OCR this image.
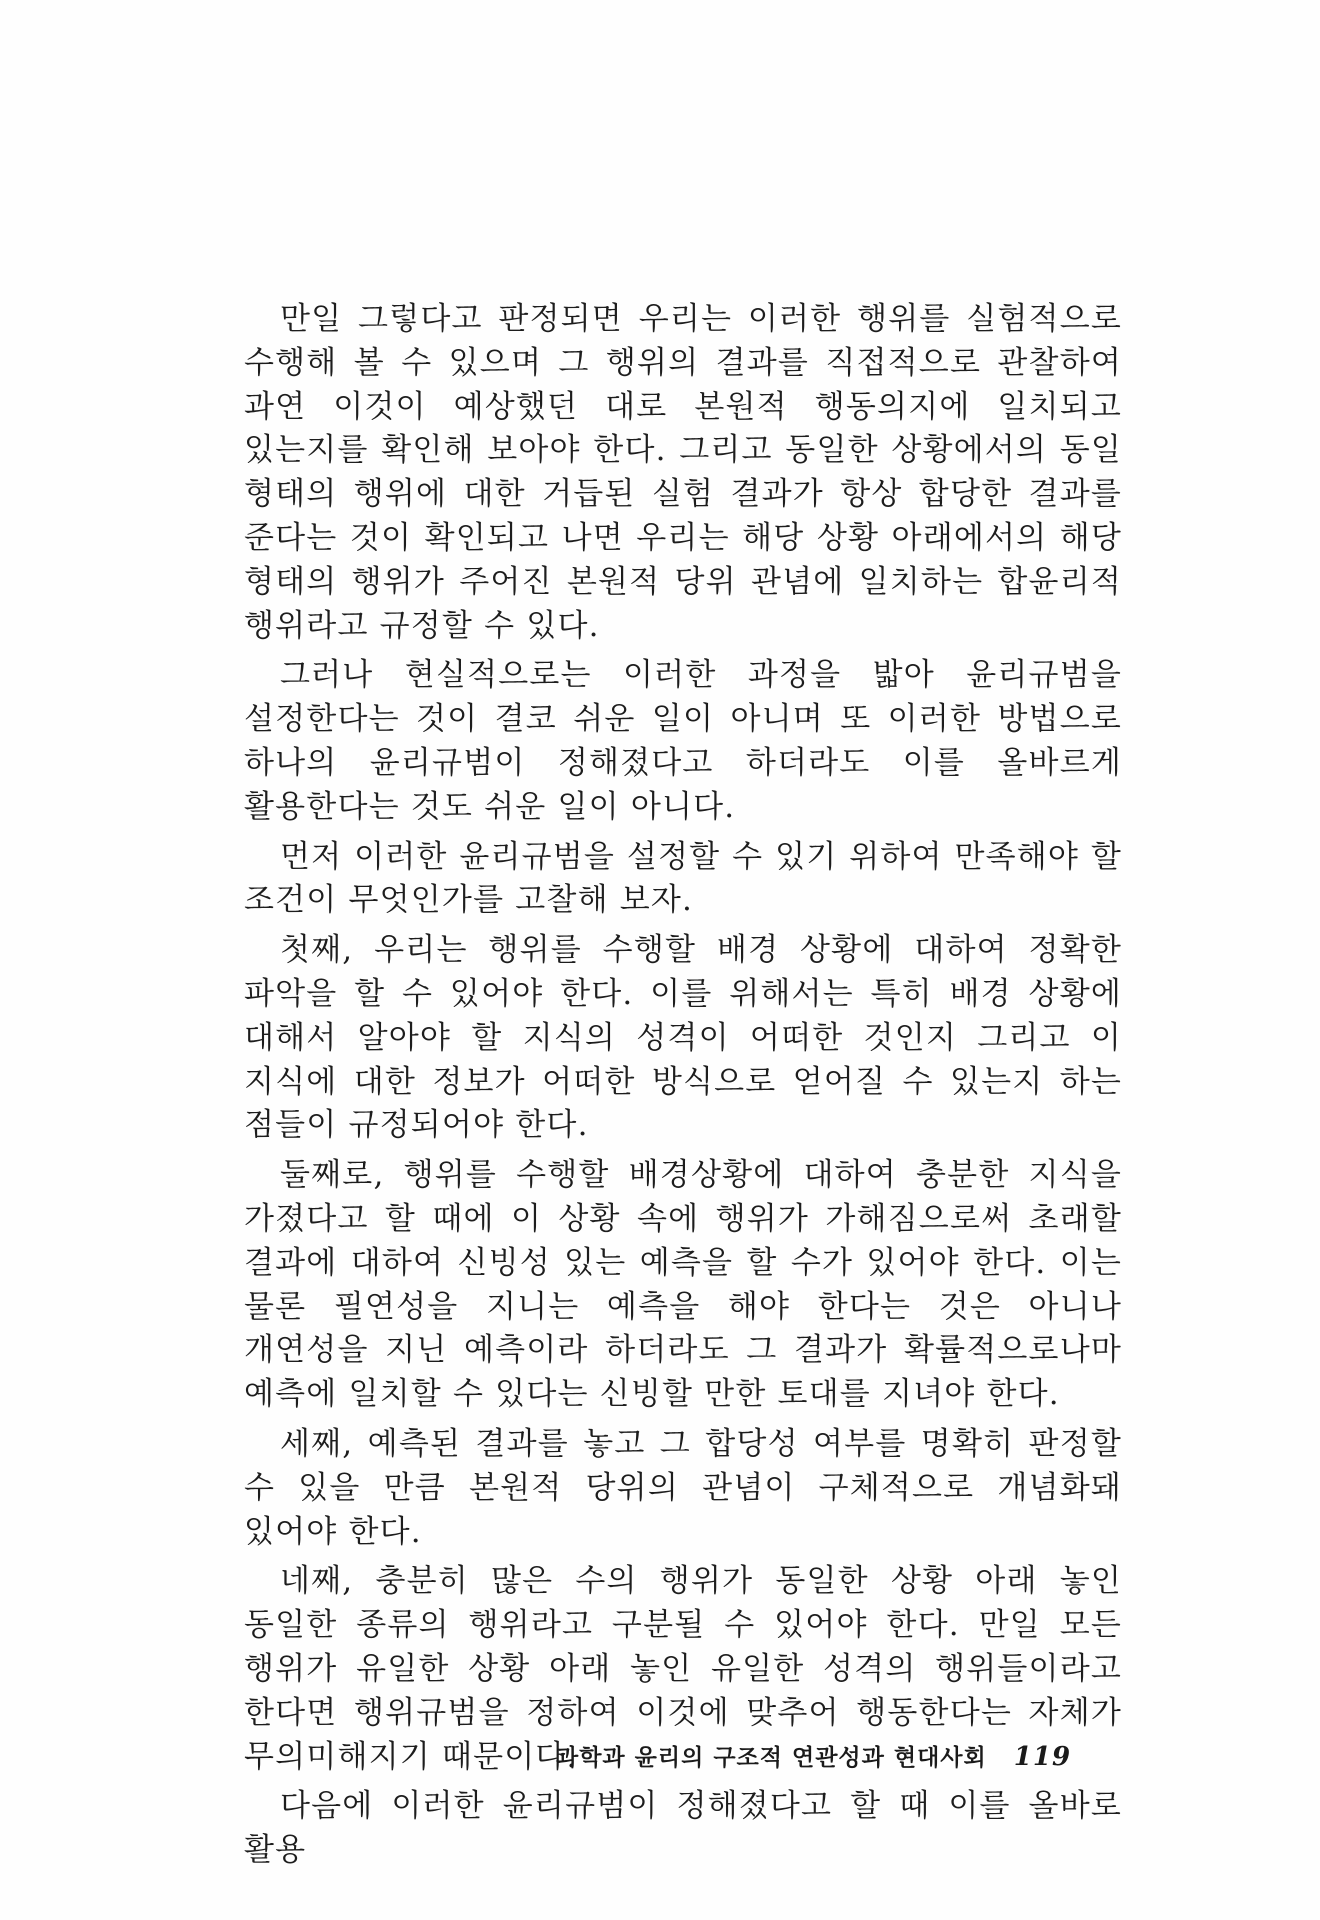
만일 그렇다고 판정되면 우리는 이러한 행위를 실험적으로 수행해 볼 수 있으며 그 행위의 결과를 직접적으로 관찰하여 과연 이것이 예상했던 대로 본원적 행동의지에 일치되고 있는지를 확인해 보아야 한다. 그리고 동일한 상황에서의 동일 형태의 행위에 대한 거듭된 실험 결과가 항상 합당한 결과를 준다는 것이 확인되고 나면 우리는 해당 상황 아래에서의 해당 형태의 행위가 주어진 본원적 당위 관념에 일치하는 합윤리적 행위라고 규정할 수 있다.

그러나 현실적으로는 이러한 과정을 밟아 윤리규범을 설정한다는 것이 결코 쉬운 일이 아니며 또 이러한 방법으로 하나의 윤리규범이 정해졌다고 하더라도 이를 올바르게 활용한다는 것도 쉬운 일이 아니다.

먼저 이러한 윤리규범을 설정할 수 있기 위하여 만족해야 할 조건이 무엇인가를 고찰해 보자.

첫째, 우리는 행위를 수행할 배경 상황에 대하여 정확한 파악을 할 수 있어야 한다. 이를 위해서는 특히 배경 상황에 대해서 알아야 할 지식의 성격이 어떠한 것인지 그리고 이 지식에 대한 정보가 어떠한 방식으로 얻어질 수 있는지 하는 점들이 규정되어야 한다.

둘째로, 행위를 수행할 배경상황에 대하여 충분한 지식을 가졌다고 할 때에 이 상황 속에 행위가 가해짐으로써 초래할 결과에 대하여 신빙성 있는 예측을 할 수가 있어야 한다. 이는 물론 필연성을 지니는 예측을 해야 한다는 것은 아니나 개연성을 지닌 예측이라 하더라도 그 결과가 확률적으로나마 예측에 일치할 수 있다는 신빙할 만한 토대를 지녀야 한다.

세째, 예측된 결과를 놓고 그 합당성 여부를 명확히 판정할 수 있을 만큼 본원적 당위의 관념이 구체적으로 개념화돼 있어야 한다.

네째, 충분히 많은 수의 행위가 동일한 상황 아래 놓인 동일한 종류의 행위라고 구분될 수 있어야 한다. 만일 모든 행위가 유일한 상황 아래 놓인 유일한 성격의 행위들이라고 한다면 행위규범을 정하여 이것에 맞추어 행동한다는 자체가 무의미해지기 때문이다.

다음에 이러한 윤리규범이 정해졌다고 할 때 이를 올바로 활용

과학과 윤리의 구조적 연관성과 현대사회 119
